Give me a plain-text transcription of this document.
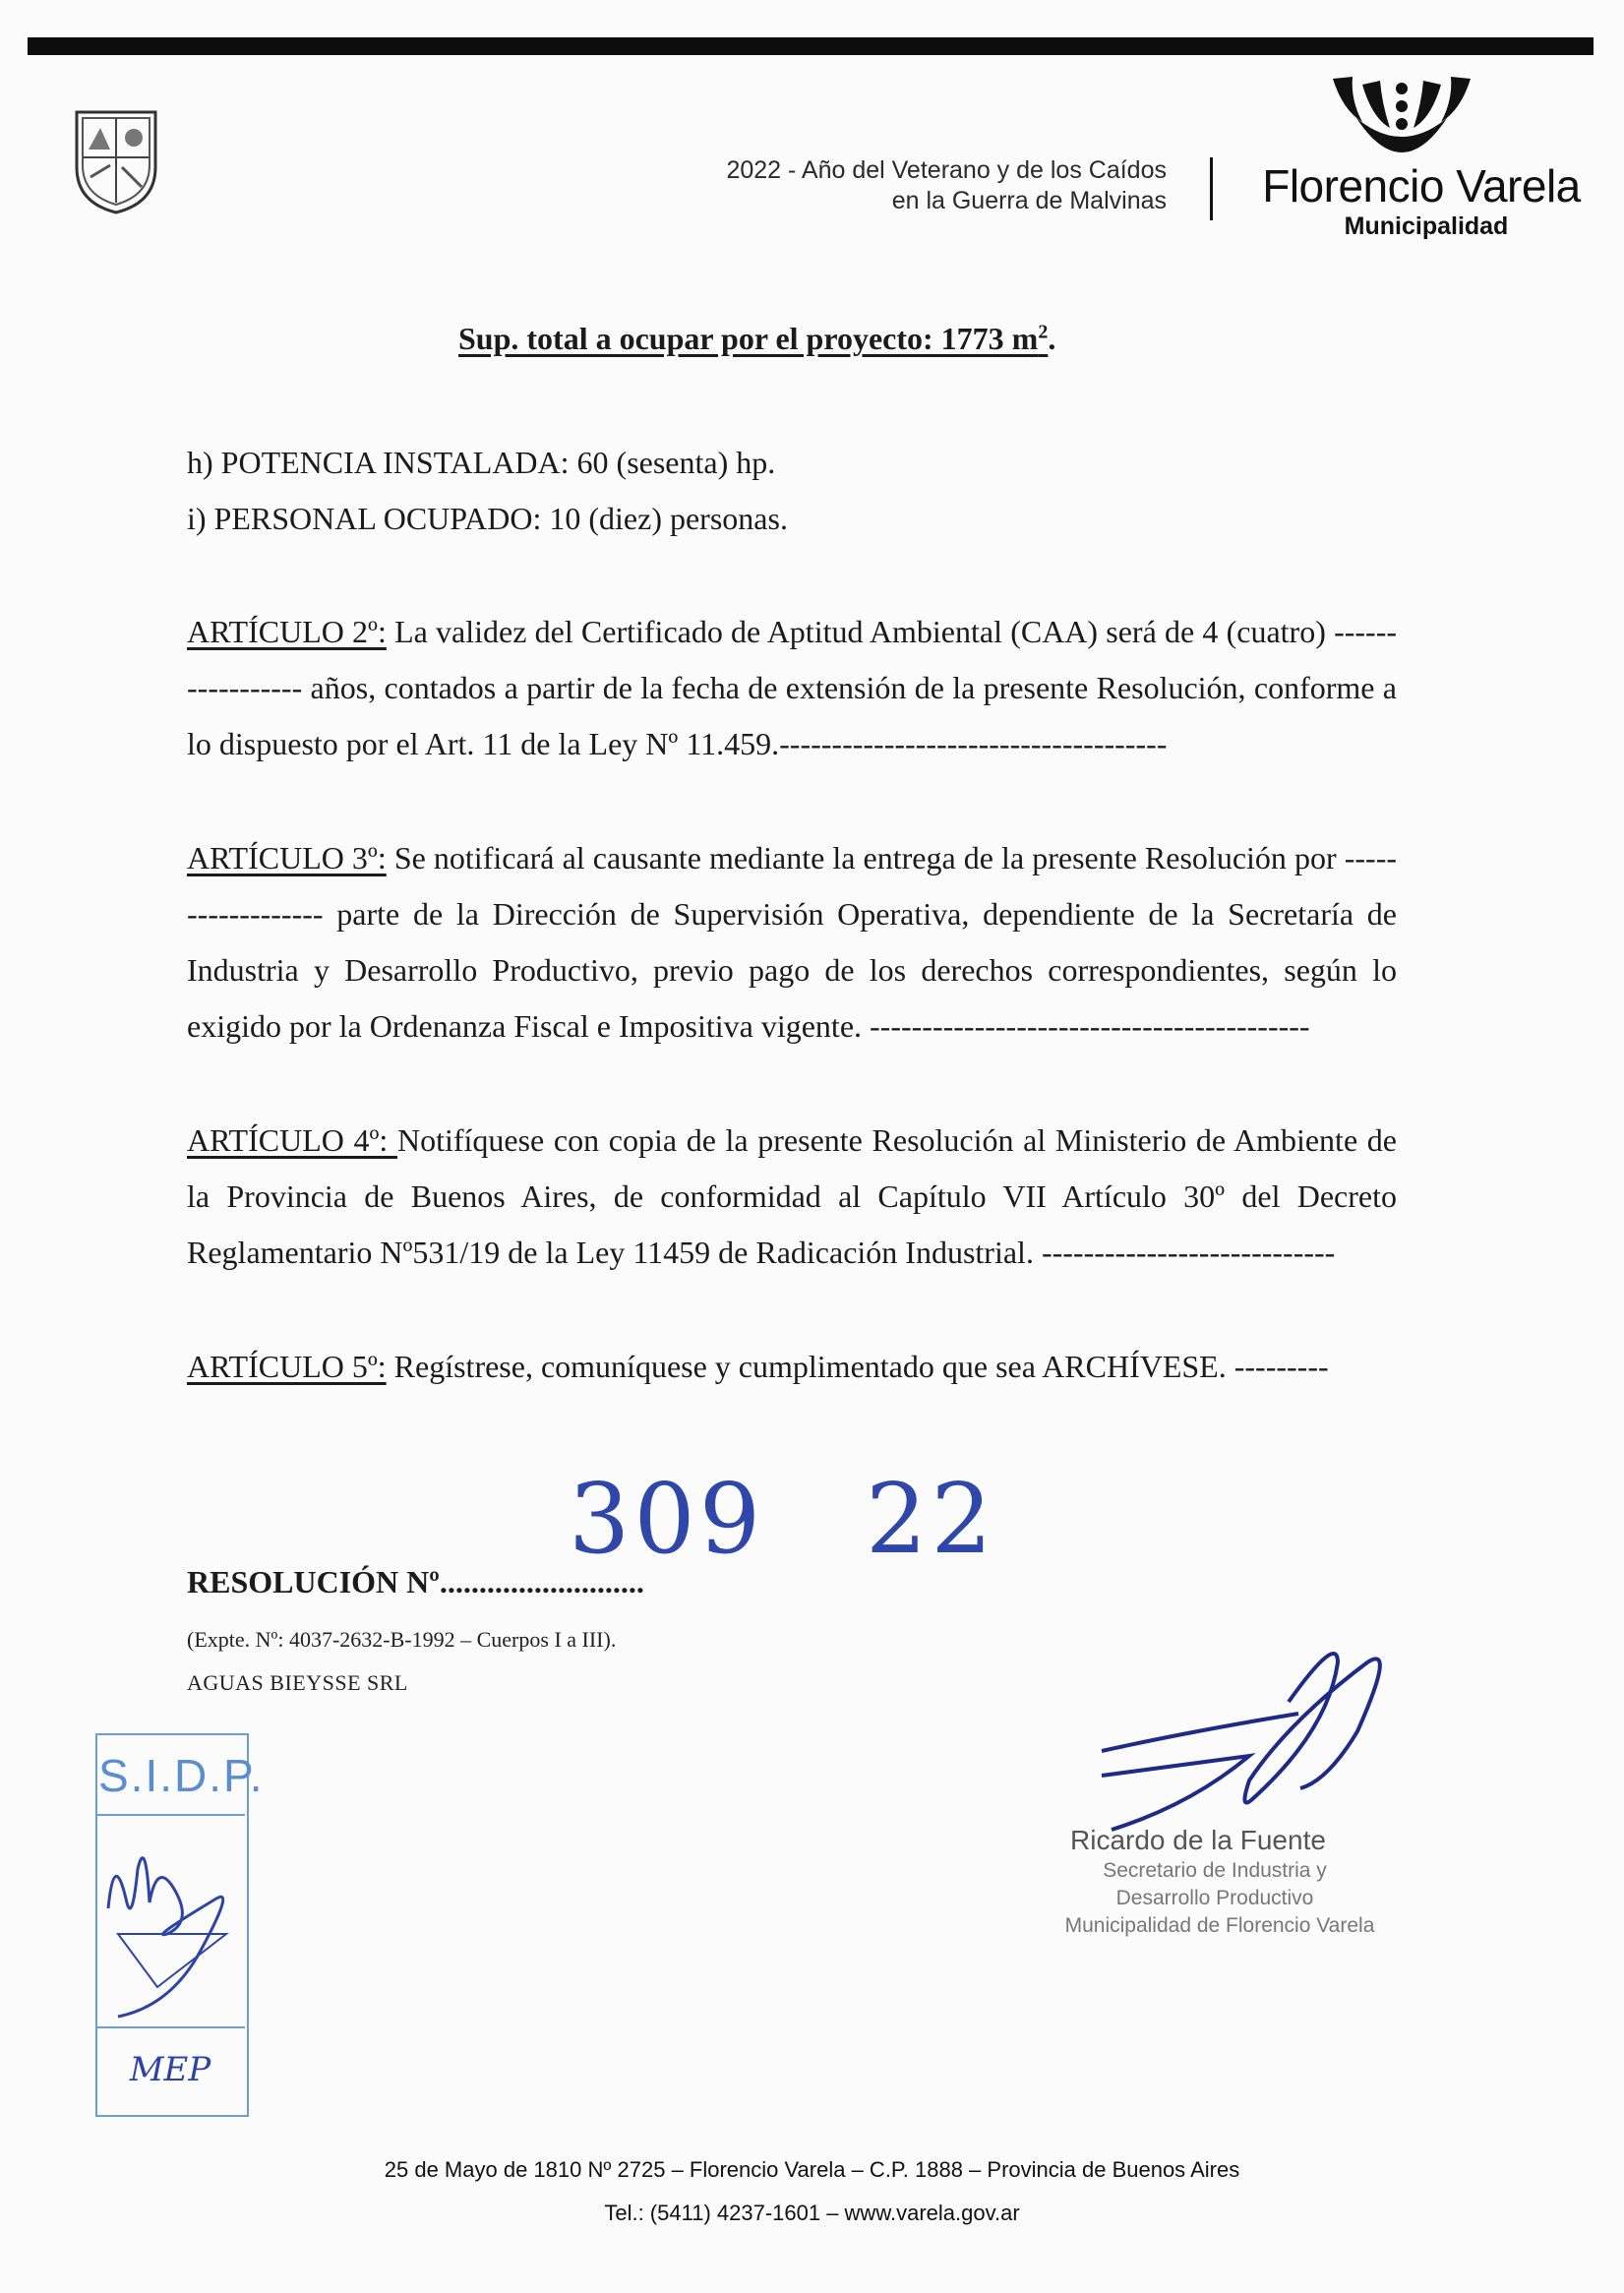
2022 - Año del Veterano y de los Caídos
en la Guerra de Malvinas	Florencio Varela
Municipalidad
Sup. total a ocupar por el proyecto: 1773 $m^2$.
h) POTENCIA INSTALADA: 60 (sesenta) hp.
i) PERSONAL OCUPADO: 10 (diez) personas.
ARTÍCULO 2º: La validez del Certificado de Aptitud Ambiental (CAA) será de 4 (cuatro) ----------------- años, contados a partir de la fecha de extensión de la presente Resolución, conforme a lo dispuesto por el Art. 11 de la Ley Nº 11.459.-------------------------------------
ARTÍCULO 3º: Se notificará al causante mediante la entrega de la presente Resolución por ------------------ parte de la Dirección de Supervisión Operativa, dependiente de la Secretaría de Industria y Desarrollo Productivo, previo pago de los derechos correspondientes, según lo exigido por la Ordenanza Fiscal e Impositiva vigente. ------------------------------------------
ARTÍCULO 4º: Notifíquese con copia de la presente Resolución al Ministerio de Ambiente de la Provincia de Buenos Aires, de conformidad al Capítulo VII Artículo 30º del Decreto Reglamentario Nº531/19 de la Ley 11459 de Radicación Industrial. ----------------------------
ARTÍCULO 5º: Regístrese, comuníquese y cumplimentado que sea ARCHÍVESE. ---------
309 22
RESOLUCIÓN Nº..........................
(Expte. Nº: 4037-2632-B-1992 – Cuerpos I a III).
AGUAS BIEYSSE SRL
S.I.D.P.
MEP
Ricardo de la Fuente
Secretario de Industria y
Desarrollo Productivo
Municipalidad de Florencio Varela
25 de Mayo de 1810 Nº 2725 – Florencio Varela – C.P. 1888 – Provincia de Buenos Aires
Tel.: (5411) 4237-1601 – www.varela.gov.ar
